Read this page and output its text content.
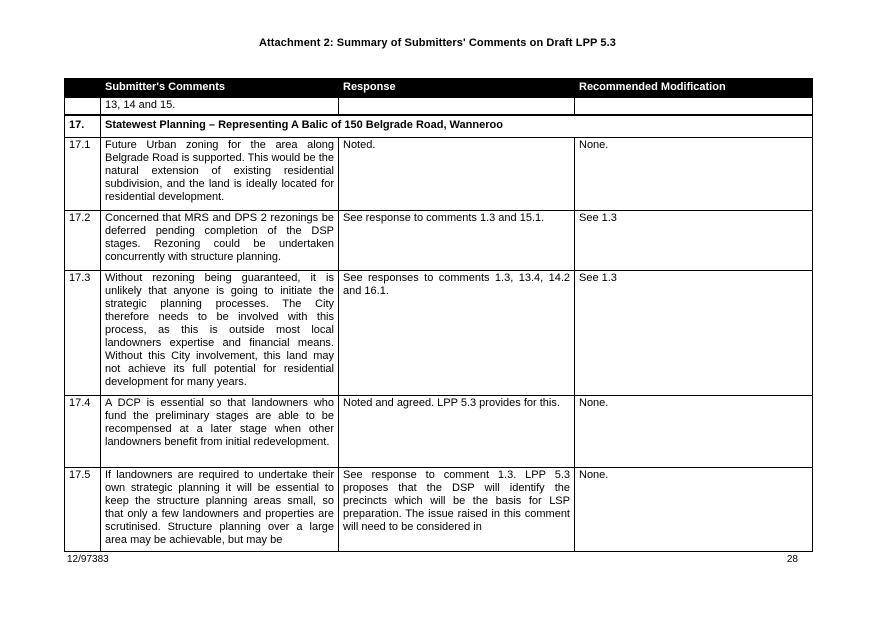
Attachment 2: Summary of Submitters' Comments on Draft LPP 5.3
	Submitter's Comments	Response	Recommended Modification
	13, 14 and 15.		
17.	Statewest Planning – Representing A Balic of 150 Belgrade Road, Wanneroo		
17.1	Future Urban zoning for the area along Belgrade Road is supported. This would be the natural extension of existing residential subdivision, and the land is ideally located for residential development.	Noted.	None.
17.2	Concerned that MRS and DPS 2 rezonings be deferred pending completion of the DSP stages. Rezoning could be undertaken concurrently with structure planning.	See response to comments 1.3 and 15.1.	See 1.3
17.3	Without rezoning being guaranteed, it is unlikely that anyone is going to initiate the strategic planning processes. The City therefore needs to be involved with this process, as this is outside most local landowners expertise and financial means. Without this City involvement, this land may not achieve its full potential for residential development for many years.	See responses to comments 1.3, 13.4, 14.2 and 16.1.	See 1.3
17.4	A DCP is essential so that landowners who fund the preliminary stages are able to be recompensed at a later stage when other landowners benefit from initial redevelopment.	Noted and agreed. LPP 5.3 provides for this.	None.
17.5	If landowners are required to undertake their own strategic planning it will be essential to keep the structure planning areas small, so that only a few landowners and properties are scrutinised. Structure planning over a large area may be achievable, but may be	See response to comment 1.3. LPP 5.3 proposes that the DSP will identify the precincts which will be the basis for LSP preparation. The issue raised in this comment will need to be considered in	None.
12/97383	28
